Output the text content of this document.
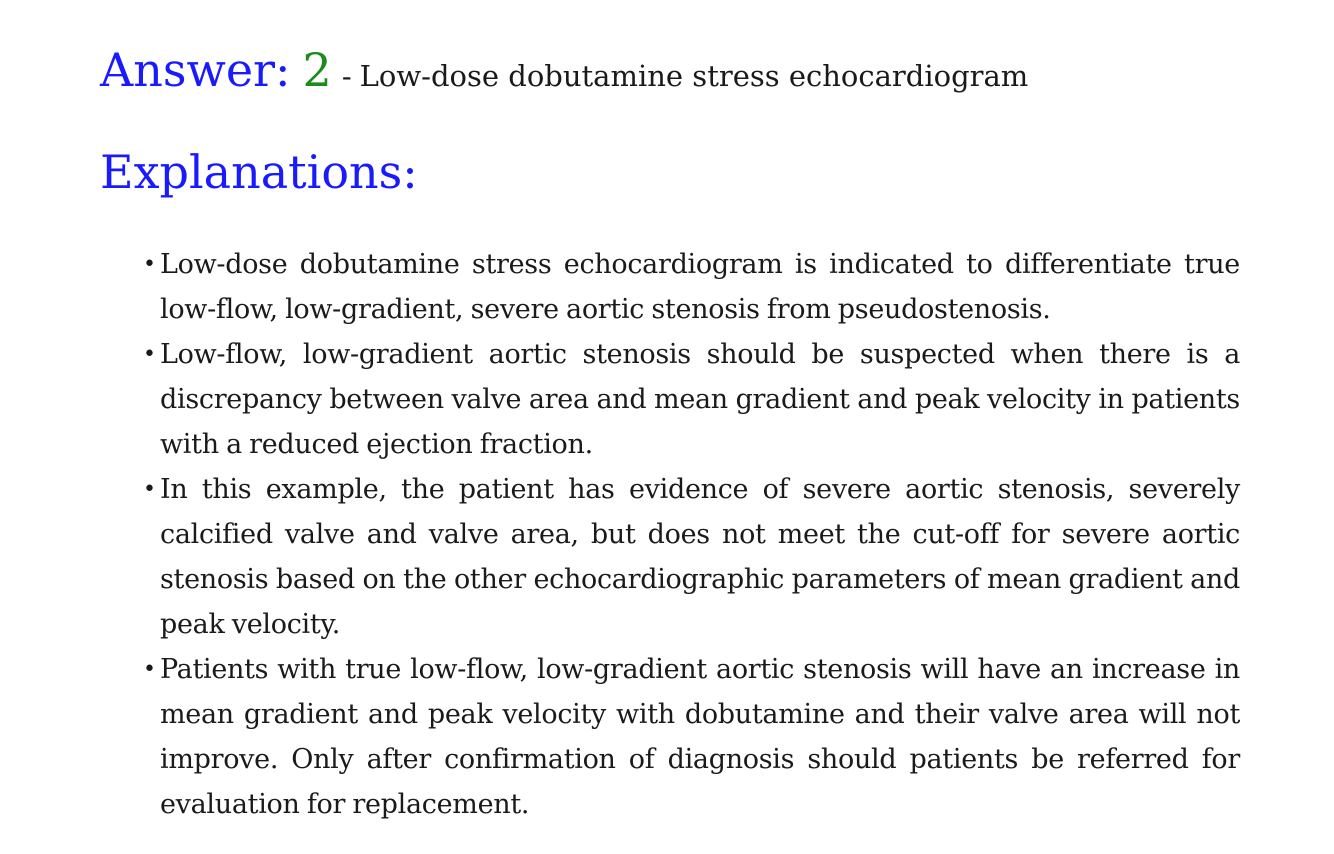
Answer: 2 - Low-dose dobutamine stress echocardiogram
Explanations:
• Low-dose dobutamine stress echocardiogram is indicated to differentiate true low-flow, low-gradient, severe aortic stenosis from pseudostenosis.
• Low-flow, low-gradient aortic stenosis should be suspected when there is a discrepancy between valve area and mean gradient and peak velocity in patients with a reduced ejection fraction.
• In this example, the patient has evidence of severe aortic stenosis, severely calcified valve and valve area, but does not meet the cut-off for severe aortic stenosis based on the other echocardiographic parameters of mean gradient and peak velocity.
• Patients with true low-flow, low-gradient aortic stenosis will have an increase in mean gradient and peak velocity with dobutamine and their valve area will not improve. Only after confirmation of diagnosis should patients be referred for evaluation for replacement.
